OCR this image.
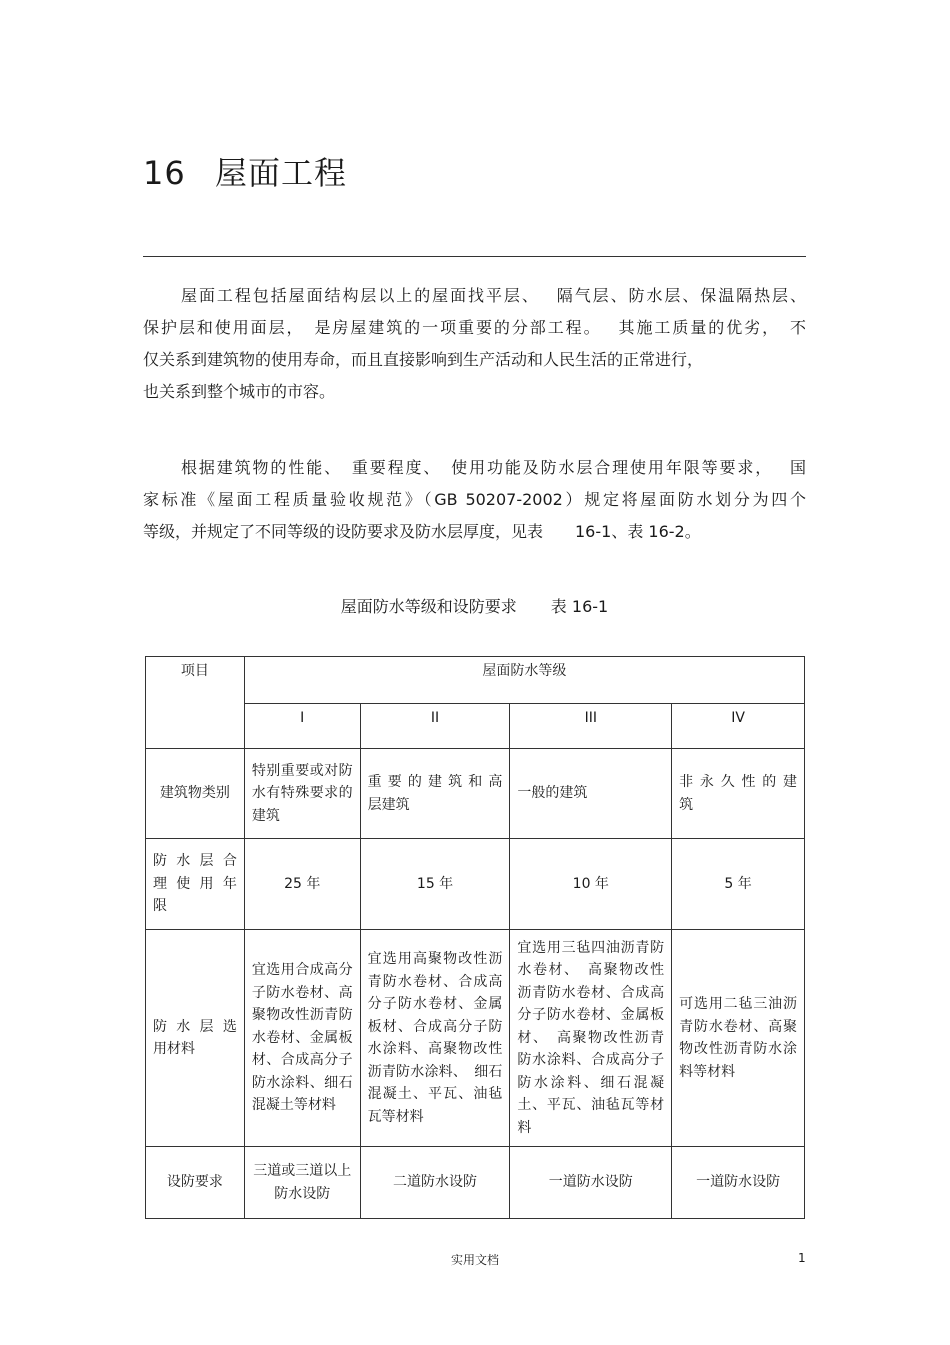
16 屋面工程
屋面工程包括屋面结构层以上的屋面找平层、　 隔气层、防水层、保温隔热层、
保护层和使用面层，　是房屋建筑的一项重要的分部工程。　 其施工质量的优劣，　不
仅关系到建筑物的使用寿命，而且直接影响到生产活动和人民生活的正常进行，
也关系到整个城市的市容。
根据建筑物的性能、　重要程度、　使用功能及防水层合理使用年限等要求，　 国
家标准《屋面工程质量验收规范》（GB 50207-2002）规定将屋面防水划分为四个
等级，并规定了不同等级的设防要求及防水层厚度，见表　　16-1、表 16-2。
屋面防水等级和设防要求 表 16-1
项目	屋面防水等级			
	I	II	III	IV
建筑物类别	特别重要或对防水有特殊要求的建筑	重 要 的 建 筑 和 高 层建筑	一般的建筑	非 永 久 性 的 建 筑
防 水 层 合 理 使 用 年 限	25 年	15 年	10 年	5 年
防 水 层 选 用材料	宜选用合成高分子防水卷材、高聚物改性沥青防水卷材、金属板材、合成高分子防水涂料、细石混凝土等材料	宜选用高聚物改性沥青防水卷材、合成高分子防水卷材、金属板材、合成高分子防水涂料、高聚物改性沥青防水涂料、　细石混凝土、平瓦、油毡瓦等材料	宜选用三毡四油沥青防水卷材、　高聚物改性沥青防水卷材、合成高分子防水卷材、金属板材、　高聚物改性沥青防水涂料、合成高分子防水涂料、细石混凝土、平瓦、油毡瓦等材料	可选用二毡三油沥青防水卷材、高聚物改性沥青防水涂料等材料
设防要求	三道或三道以上防水设防	二道防水设防	一道防水设防	一道防水设防
实用文档	1
